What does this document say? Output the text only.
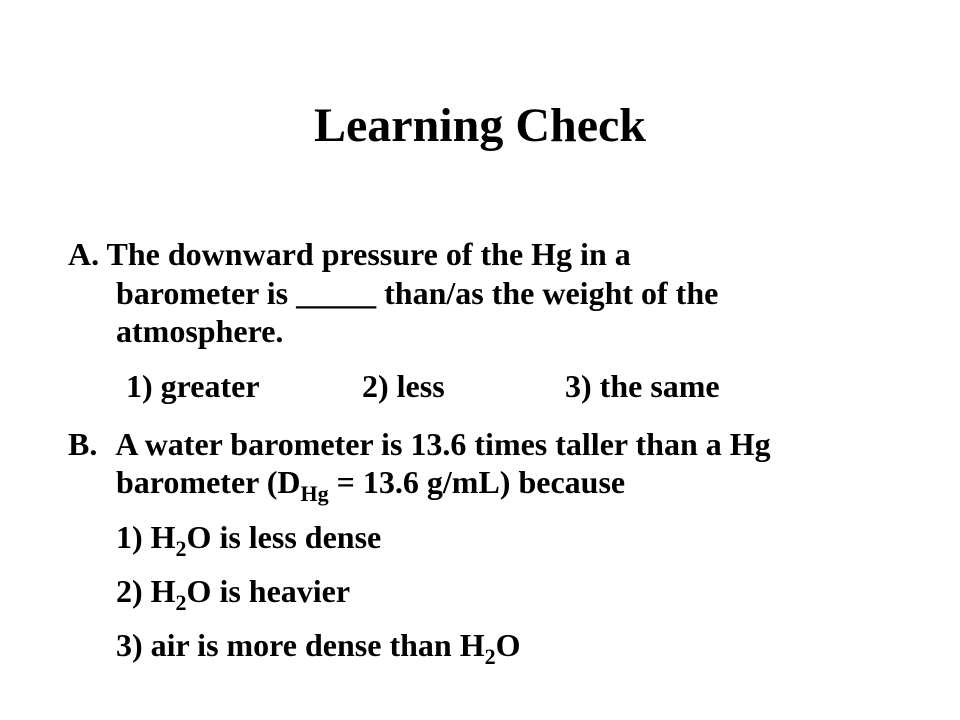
Learning Check
A. The downward pressure of the Hg in a
barometer is _____ than/as the weight of the
atmosphere.
1) greater	2) less	3) the same
B. A water barometer is 13.6 times taller than a Hg
barometer ($D_{Hg} = 13.6$ g/mL) because
1) $H_2O$ is less dense
2) $H_2O$ is heavier
3) air is more dense than $H_2O$
